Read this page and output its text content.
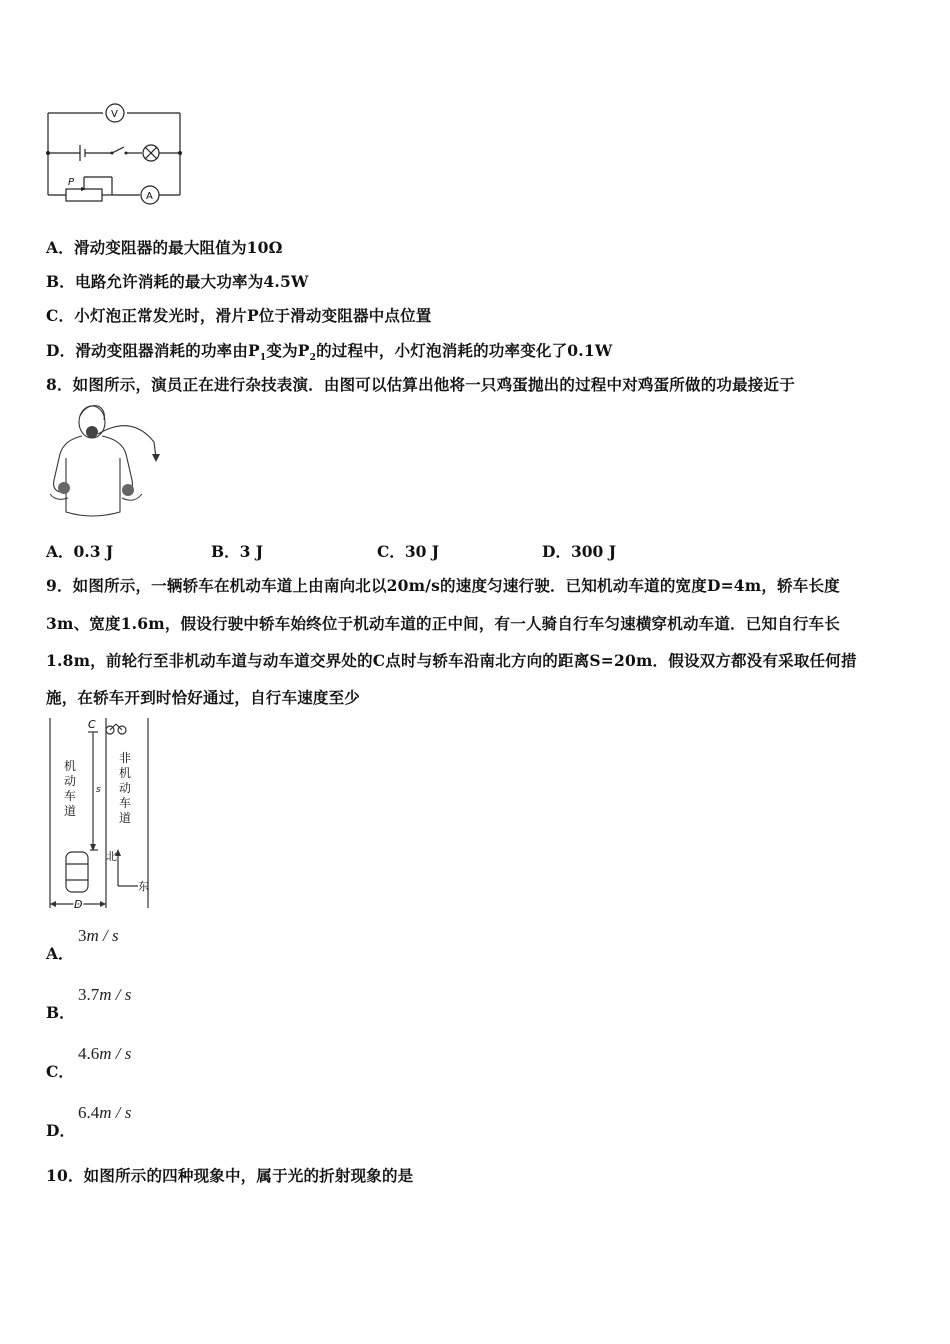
V
A
P
A．滑动变阻器的最大阻值为10Ω
B．电路允许消耗的最大功率为4.5W
C．小灯泡正常发光时，滑片P位于滑动变阻器中点位置
D．滑动变阻器消耗的功率由$P_1$变为$P_2$的过程中，小灯泡消耗的功率变化了0.1W
8．如图所示，演员正在进行杂技表演．由图可以估算出他将一只鸡蛋抛出的过程中对鸡蛋所做的功最接近于
A．0.3 J	B．3 J	C．30 J	D．300 J
9．如图所示，一辆轿车在机动车道上由南向北以20m/s的速度匀速行驶．已知机动车道的宽度D=4m，轿车长度
3m、宽度1.6m，假设行驶中轿车始终位于机动车道的正中间，有一人骑自行车匀速横穿机动车道．已知自行车长
1.8m，前轮行至非机动车道与动车道交界处的C点时与轿车沿南北方向的距离S=20m．假设双方都没有采取任何措
施，在轿车开到时恰好通过，自行车速度至少
C
机
动
车
道
非
机
动
车
道
s
北
东
D
A．
3m / s
B．
3.7m / s
C．
4.6m / s
D．
6.4m / s
10．如图所示的四种现象中，属于光的折射现象的是
